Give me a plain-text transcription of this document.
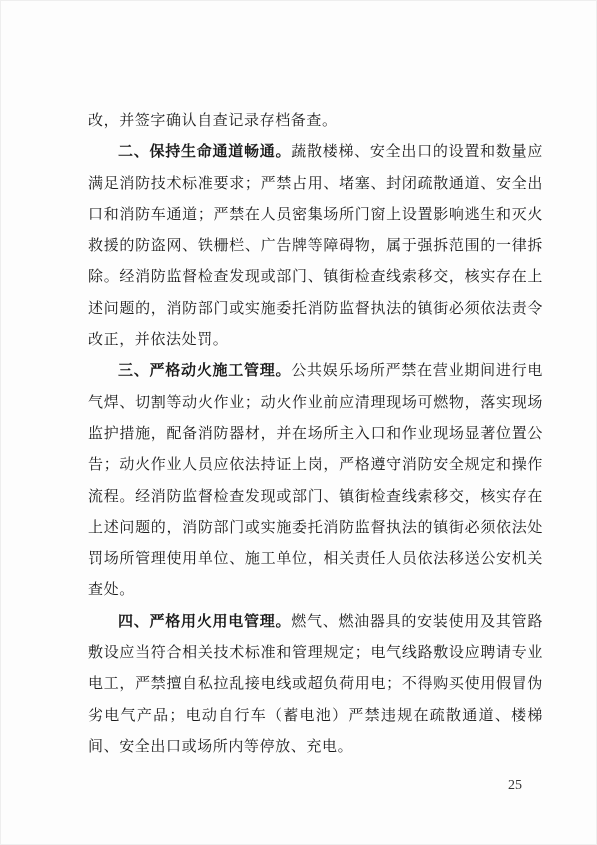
改，并签字确认自查记录存档备查。

二、保持生命通道畅通。蔬散楼梯、安全出口的设置和数量应满足消防技术标准要求；严禁占用、堵塞、封闭疏散通道、安全出口和消防车通道；严禁在人员密集场所门窗上设置影响逃生和灭火救援的防盗网、铁栅栏、广告牌等障碍物，属于强拆范围的一律拆除。经消防监督检查发现或部门、镇街检查线索移交，核实存在上述问题的，消防部门或实施委托消防监督执法的镇街必须依法责令改正，并依法处罚。

三、严格动火施工管理。公共娱乐场所严禁在营业期间进行电气焊、切割等动火作业；动火作业前应清理现场可燃物，落实现场监护措施，配备消防器材，并在场所主入口和作业现场显著位置公告；动火作业人员应依法持证上岗，严格遵守消防安全规定和操作流程。经消防监督检查发现或部门、镇街检查线索移交，核实存在上述问题的，消防部门或实施委托消防监督执法的镇街必须依法处罚场所管理使用单位、施工单位，相关责任人员依法移送公安机关查处。

四、严格用火用电管理。燃气、燃油器具的安装使用及其管路敷设应当符合相关技术标准和管理规定；电气线路敷设应聘请专业电工，严禁擅自私拉乱接电线或超负荷用电；不得购买使用假冒伪劣电气产品；电动自行车（蓄电池）严禁违规在疏散通道、楼梯间、安全出口或场所内等停放、充电。

25
